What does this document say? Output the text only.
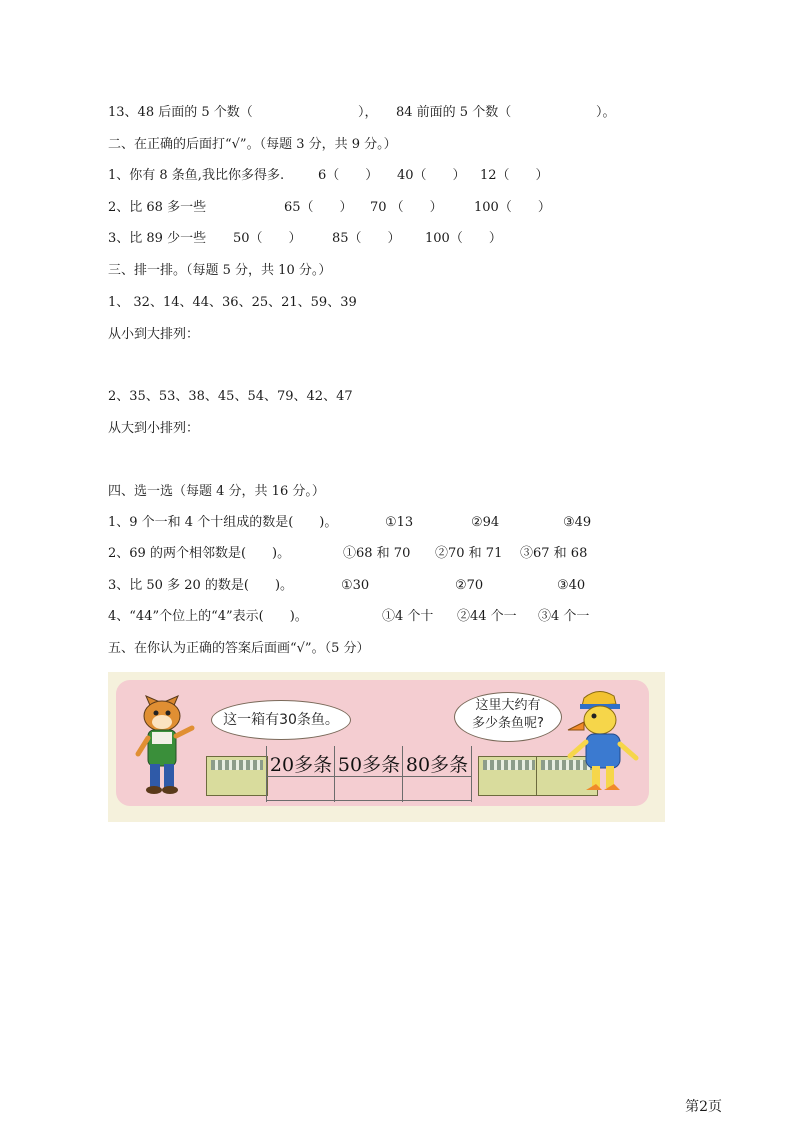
13、48 后面的 5 个数（	）， 84 前面的 5 个数（	）。
二、在正确的后面打“√”。（每题 3 分，共 9 分。）
1、你有 8 条鱼,我比你多得多.	6（　　） 40（　　） 12（　　）
2、比 68 多一些	65（　　） 70 （　　） 100（　　）
3、比 89 少一些 50（　　） 85（　　） 100（　　）
三、排一排。（每题 5 分，共 10 分。）
1、 32、14、44、36、25、21、59、39
从小到大排列：
2、35、53、38、45、54、79、42、47
从大到小排列：
四、选一选（每题 4 分，共 16 分。）
1、9 个一和 4 个十组成的数是(　　)。	①13	②94	③49
2、69 的两个相邻数是(　　)。	①68 和 70 ②70 和 71 ③67 和 68
3、比 50 多 20 的数是(　　)。	①30	②70	③40
4、“44”个位上的“4”表示(　　)。	①4 个十 ②44 个一 ③4 个一
五、在你认为正确的答案后面画“√”。（5 分）
这一箱有30条鱼。
20多条 50多条 80多条
这里大约有
多少条鱼呢?
第2页
